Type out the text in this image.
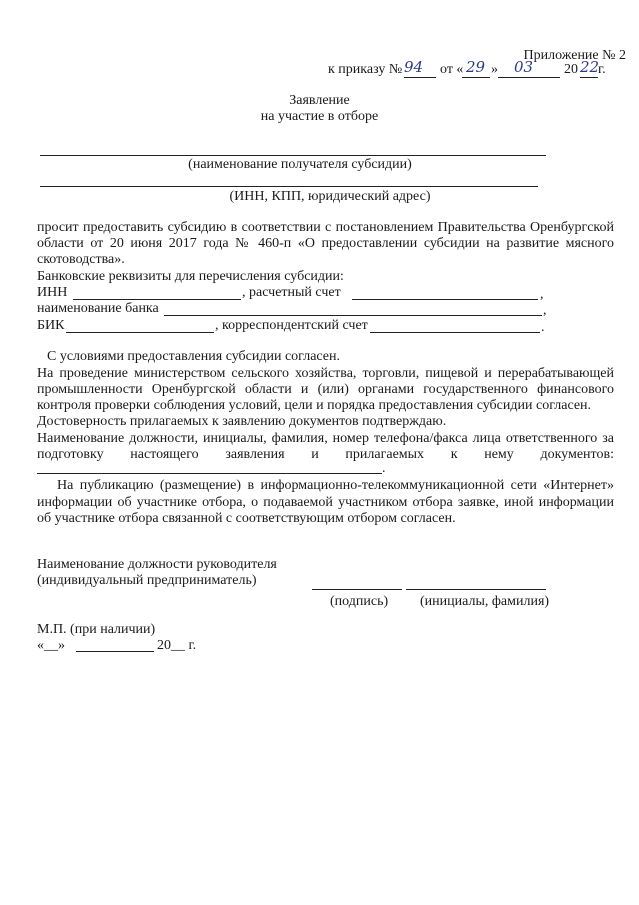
Приложение № 2
к приказу № 94 от « 29 » 03 20 22
г.
Заявление
на участие в отборе
(наименование получателя субсидии)
(ИНН, КПП, юридический адрес)
просит предоставить субсидию в соответствии с постановлением Правительства Оренбургской
области от 20 июня 2017 года № 460-п «О предоставлении субсидии на развитие мясного
скотоводства».
Банковские реквизиты для перечисления субсидии:
ИНН	, расчетный счет	,
наименование банка	,
БИК	, корреспондентский счет	.
С условиями предоставления субсидии согласен.
На проведение министерством сельского хозяйства, торговли, пищевой и перерабатывающей
промышленности Оренбургской области и (или) органами государственного финансового
контроля проверки соблюдения условий, цели и порядка предоставления субсидии согласен.
Достоверность прилагаемых к заявлению документов подтверждаю.
Наименование должности, инициалы, фамилия, номер телефона/факса лица ответственного за
подготовку настоящего заявления и прилагаемых к нему документов:
.
На публикацию (размещение) в информационно-телекоммуникационной сети «Интернет»
информации об участнике отбора, о подаваемой участником отбора заявке, иной информации
об участнике отбора связанной с соответствующим отбором согласен.
Наименование должности руководителя
(индивидуальный предприниматель)
(подпись) (инициалы, фамилия)
М.П. (при наличии)
«__»	20__ г.
